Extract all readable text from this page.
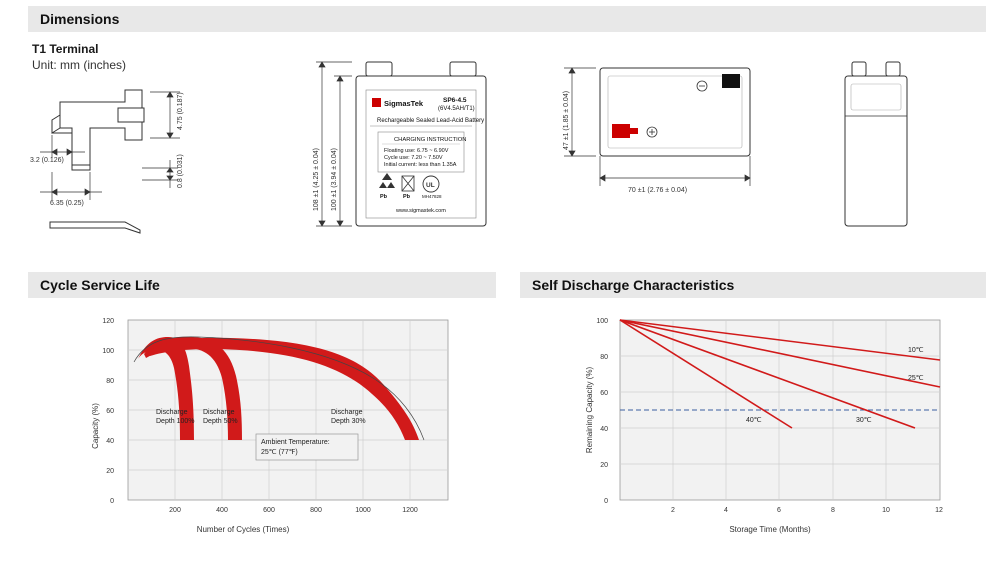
Dimensions
T1 Terminal
Unit: mm (inches)
4.75 (0.187)
3.2 (0.126)
6.35 (0.25)
0.8 (0.031)	108 ±1 (4.25 ± 0.04) 100 ±1 (3.94 ± 0.04)
SigmasTek	SP6-4.5
(6V4.5AH/T1)
Rechargeable Sealed Lead-Acid Battery
CHARGING INSTRUCTION
Floating use: 6.75 ~ 6.90V
Cycle use: 7.20 ~ 7.50V
Initial current: less than 1.35A
Pb	Pb
UL
MH47828
www.sigmastek.com
47 ±1 (1.85 ± 0.04)
70 ±1 (2.76 ± 0.04)
Cycle Service Life
120
100
80
60
40
20
0
200	400	600	800	1000	1200
Discharge
Depth 100%
Discharge
Depth 50%
Discharge
Depth 30%
Ambient Temperature:
25℃ (77℉)
Capacity (%)
Number of Cycles (Times)
Self Discharge Characteristics
100
80
60
40
20
0
2	4	6	8	10	12
10℃
25℃
30℃
40℃
Remaining Capacity (%)
Storage Time (Months)
